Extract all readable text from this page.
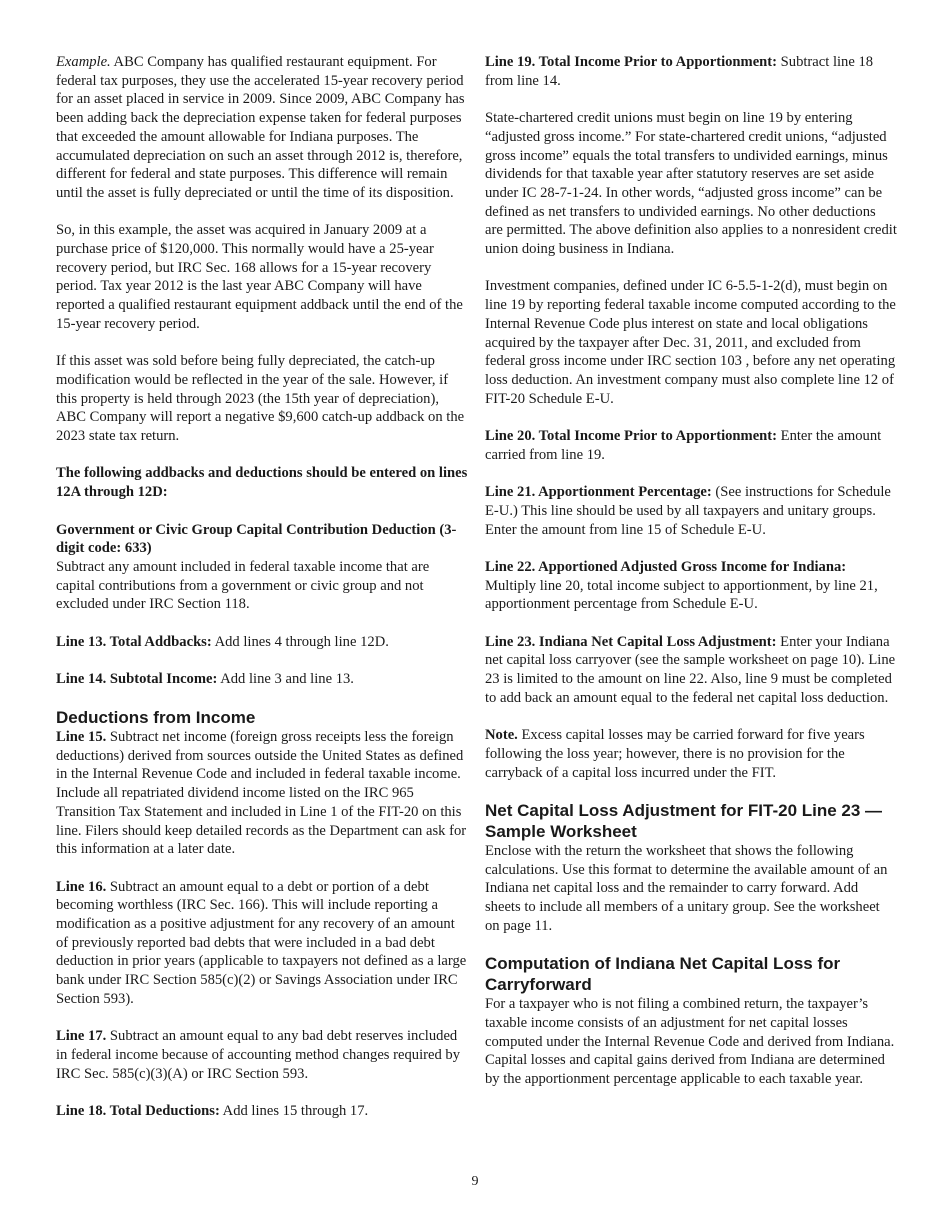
Example. ABC Company has qualified restaurant equipment. For federal tax purposes, they use the accelerated 15-year recovery period for an asset placed in service in 2009. Since 2009, ABC Company has been adding back the depreciation expense taken for federal purposes that exceeded the amount allowable for Indiana purposes. The accumulated depreciation on such an asset through 2012 is, therefore, different for federal and state purposes. This difference will remain until the asset is fully depreciated or until the time of its disposition.

So, in this example, the asset was acquired in January 2009 at a purchase price of $120,000. This normally would have a 25-year recovery period, but IRC Sec. 168 allows for a 15-year recovery period. Tax year 2012 is the last year ABC Company will have reported a qualified restaurant equipment addback until the end of the 15-year recovery period.

If this asset was sold before being fully depreciated, the catch-up modification would be reflected in the year of the sale. However, if this property is held through 2023 (the 15th year of depreciation), ABC Company will report a negative $9,600 catch-up addback on the 2023 state tax return.

The following addbacks and deductions should be entered on lines 12A through 12D:

Government or Civic Group Capital Contribution Deduction (3-digit code: 633)
Subtract any amount included in federal taxable income that are capital contributions from a government or civic group and not excluded under IRC Section 118.

Line 13. Total Addbacks: Add lines 4 through line 12D.

Line 14. Subtotal Income: Add line 3 and line 13.

Deductions from Income

Line 15. Subtract net income (foreign gross receipts less the foreign deductions) derived from sources outside the United States as defined in the Internal Revenue Code and included in federal taxable income. Include all repatriated dividend income listed on the IRC 965 Transition Tax Statement and included in Line 1 of the FIT-20 on this line. Filers should keep detailed records as the Department can ask for this information at a later date.

Line 16. Subtract an amount equal to a debt or portion of a debt becoming worthless (IRC Sec. 166). This will include reporting a modification as a positive adjustment for any recovery of an amount of previously reported bad debts that were included in a bad debt deduction in prior years (applicable to taxpayers not defined as a large bank under IRC Section 585(c)(2) or Savings Association under IRC Section 593).

Line 17. Subtract an amount equal to any bad debt reserves included in federal income because of accounting method changes required by IRC Sec. 585(c)(3)(A) or IRC Section 593.

Line 18. Total Deductions: Add lines 15 through 17.

Line 19. Total Income Prior to Apportionment: Subtract line 18 from line 14.

State-chartered credit unions must begin on line 19 by entering “adjusted gross income.” For state-chartered credit unions, “adjusted gross income” equals the total transfers to undivided earnings, minus dividends for that taxable year after statutory reserves are set aside under IC 28-7-1-24. In other words, “adjusted gross income” can be defined as net transfers to undivided earnings. No other deductions are permitted. The above definition also applies to a nonresident credit union doing business in Indiana.

Investment companies, defined under IC 6-5.5-1-2(d), must begin on line 19 by reporting federal taxable income computed according to the Internal Revenue Code plus interest on state and local obligations acquired by the taxpayer after Dec. 31, 2011, and excluded from federal gross income under IRC section 103 , before any net operating loss deduction. An investment company must also complete line 12 of FIT-20 Schedule E-U.

Line 20. Total Income Prior to Apportionment: Enter the amount carried from line 19.

Line 21. Apportionment Percentage: (See instructions for Schedule E-U.) This line should be used by all taxpayers and unitary groups. Enter the amount from line 15 of Schedule E-U.

Line 22. Apportioned Adjusted Gross Income for Indiana: Multiply line 20, total income subject to apportionment, by line 21, apportionment percentage from Schedule E-U.

Line 23. Indiana Net Capital Loss Adjustment: Enter your Indiana net capital loss carryover (see the sample worksheet on page 10). Line 23 is limited to the amount on line 22. Also, line 9 must be completed to add back an amount equal to the federal net capital loss deduction.

Note. Excess capital losses may be carried forward for five years following the loss year; however, there is no provision for the carryback of a capital loss incurred under the FIT.

Net Capital Loss Adjustment for FIT-20 Line 23 — Sample Worksheet

Enclose with the return the worksheet that shows the following calculations. Use this format to determine the available amount of an Indiana net capital loss and the remainder to carry forward. Add sheets to include all members of a unitary group. See the worksheet on page 11.

Computation of Indiana Net Capital Loss for Carryforward

For a taxpayer who is not filing a combined return, the taxpayer’s taxable income consists of an adjustment for net capital losses computed under the Internal Revenue Code and derived from Indiana. Capital losses and capital gains derived from Indiana are determined by the apportionment percentage applicable to each taxable year.

9
